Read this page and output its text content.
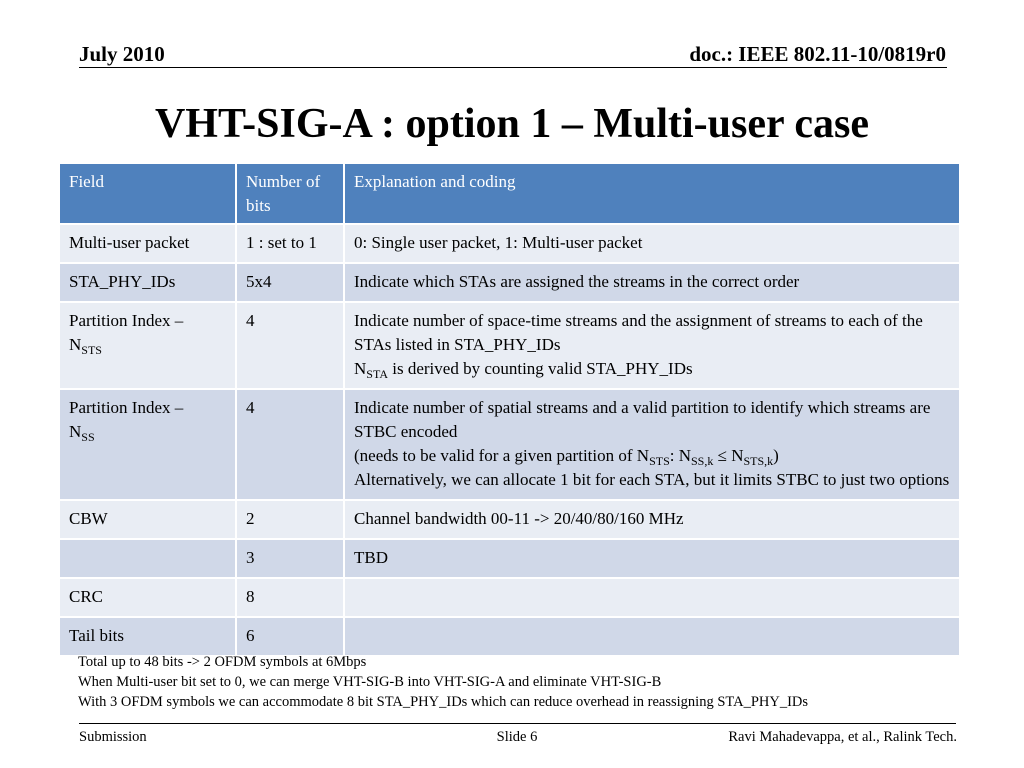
July 2010	doc.: IEEE 802.11-10/0819r0
VHT-SIG-A : option 1 – Multi-user case
Field	Number of bits	Explanation and coding
Multi-user packet	1 : set to 1	0: Single user packet, 1: Multi-user packet
STA_PHY_IDs	5x4	Indicate which STAs are assigned the streams in the correct order
Partition Index –
$N_{STS}$	4	Indicate number of space-time streams and the assignment of streams to each of the STAs listed in STA_PHY_IDs
$N_{STA}$ is derived by counting valid STA_PHY_IDs
Partition Index –
$N_{SS}$	4	Indicate number of spatial streams and a valid partition to identify which streams are STBC encoded
(needs to be valid for a given partition of $N_{STS}$: $N_{SS,k} \le N_{STS,k}$)
Alternatively, we can allocate 1 bit for each STA, but it limits STBC to just two options
CBW	2	Channel bandwidth 00-11 -> 20/40/80/160 MHz
	3	TBD
CRC	8	
Tail bits	6	
Total up to 48 bits -> 2 OFDM symbols at 6Mbps
When Multi-user bit set to 0, we can merge VHT-SIG-B into VHT-SIG-A and eliminate VHT-SIG-B
With 3 OFDM symbols we can accommodate 8 bit STA_PHY_IDs which can reduce overhead in reassigning STA_PHY_IDs
Submission	Slide 6	Ravi Mahadevappa, et al., Ralink Tech.
